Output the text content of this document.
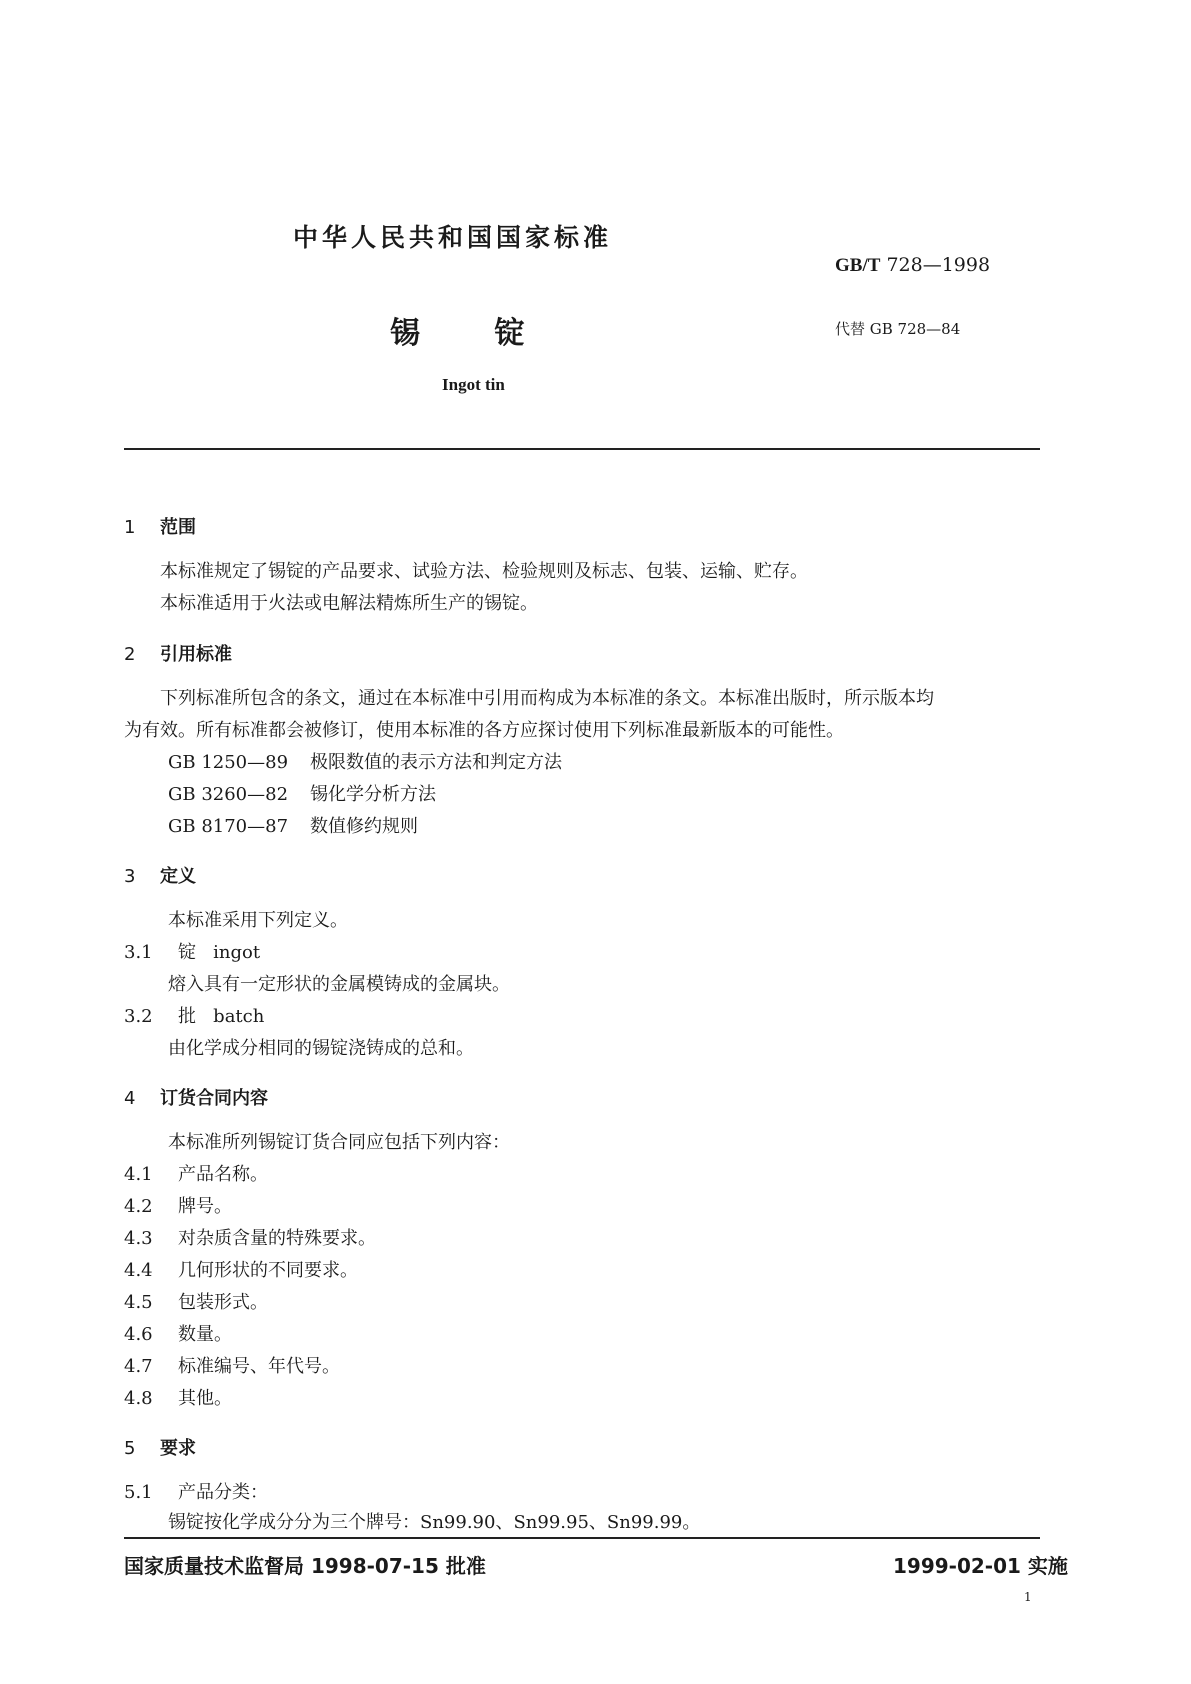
中华人民共和国国家标准
GB/T 728—1998
锡 锭	代替 GB 728—84
Ingot tin
1 范围
本标准规定了锡锭的产品要求、试验方法、检验规则及标志、包装、运输、贮存。
本标准适用于火法或电解法精炼所生产的锡锭。
2 引用标准
下列标准所包含的条文，通过在本标准中引用而构成为本标准的条文。本标准出版时，所示版本均
为有效。所有标准都会被修订，使用本标准的各方应探讨使用下列标准最新版本的可能性。
GB 1250—89 极限数值的表示方法和判定方法
GB 3260—82 锡化学分析方法
GB 8170—87 数值修约规则
3 定义
本标准采用下列定义。
3.1 锭 ingot
熔入具有一定形状的金属模铸成的金属块。
3.2 批 batch
由化学成分相同的锡锭浇铸成的总和。
4 订货合同内容
本标准所列锡锭订货合同应包括下列内容：
4.1 产品名称。
4.2 牌号。
4.3 对杂质含量的特殊要求。
4.4 几何形状的不同要求。
4.5 包装形式。
4.6 数量。
4.7 标准编号、年代号。
4.8 其他。
5 要求
5.1 产品分类：
锡锭按化学成分分为三个牌号：Sn99.90、Sn99.95、Sn99.99。
国家质量技术监督局 1998-07-15 批准	1999-02-01 实施
1
